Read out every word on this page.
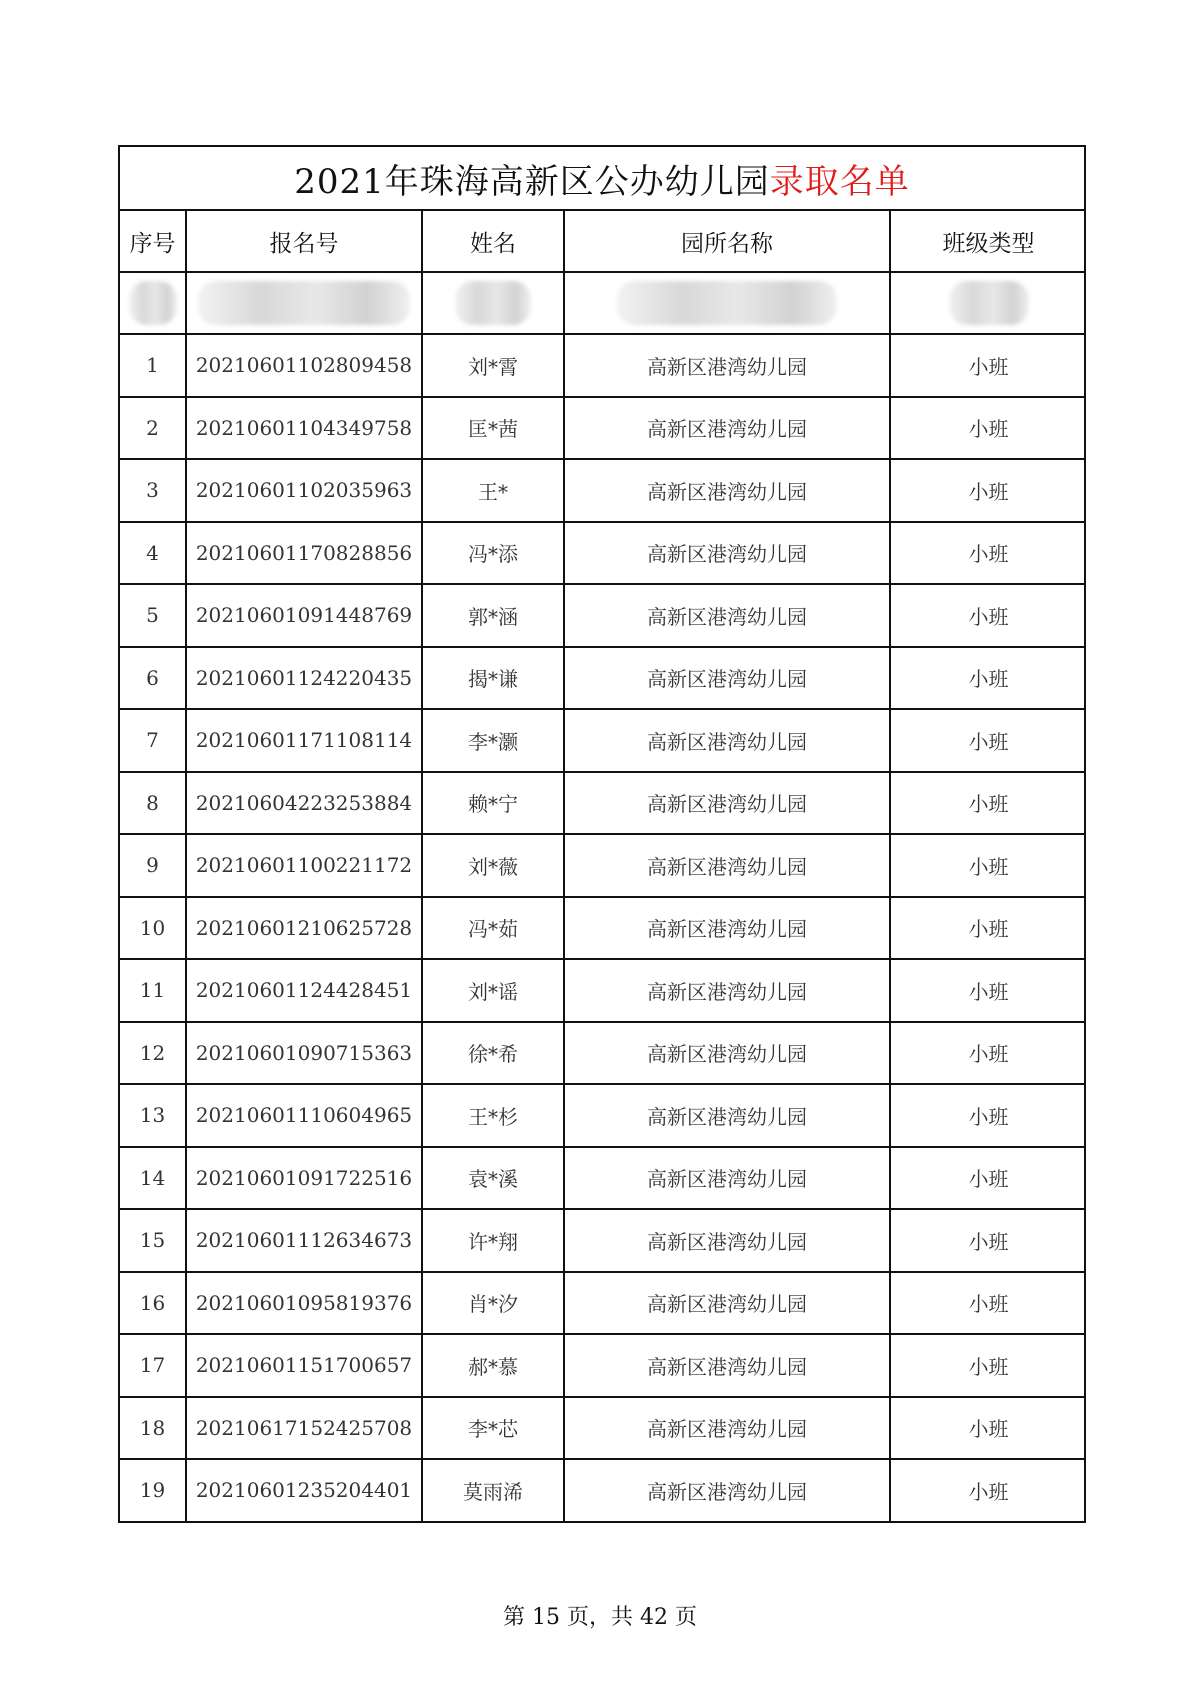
2021年珠海高新区公办幼儿园 录取名单
序号	报名号	姓名	园所名称	班级类型

1	20210601102809458	刘*霄	高新区港湾幼儿园	小班
2	20210601104349758	匡*茜	高新区港湾幼儿园	小班
3	20210601102035963	王*	高新区港湾幼儿园	小班
4	20210601170828856	冯*添	高新区港湾幼儿园	小班
5	20210601091448769	郭*涵	高新区港湾幼儿园	小班
6	20210601124220435	揭*谦	高新区港湾幼儿园	小班
7	20210601171108114	李*灏	高新区港湾幼儿园	小班
8	20210604223253884	赖*宁	高新区港湾幼儿园	小班
9	20210601100221172	刘*薇	高新区港湾幼儿园	小班
10	20210601210625728	冯*茹	高新区港湾幼儿园	小班
11	20210601124428451	刘*谣	高新区港湾幼儿园	小班
12	20210601090715363	徐*希	高新区港湾幼儿园	小班
13	20210601110604965	王*杉	高新区港湾幼儿园	小班
14	20210601091722516	袁*溪	高新区港湾幼儿园	小班
15	20210601112634673	许*翔	高新区港湾幼儿园	小班
16	20210601095819376	肖*汐	高新区港湾幼儿园	小班
17	20210601151700657	郝*慕	高新区港湾幼儿园	小班
18	20210617152425708	李*芯	高新区港湾幼儿园	小班
19	20210601235204401	莫雨浠	高新区港湾幼儿园	小班
第 15 页，共 42 页
